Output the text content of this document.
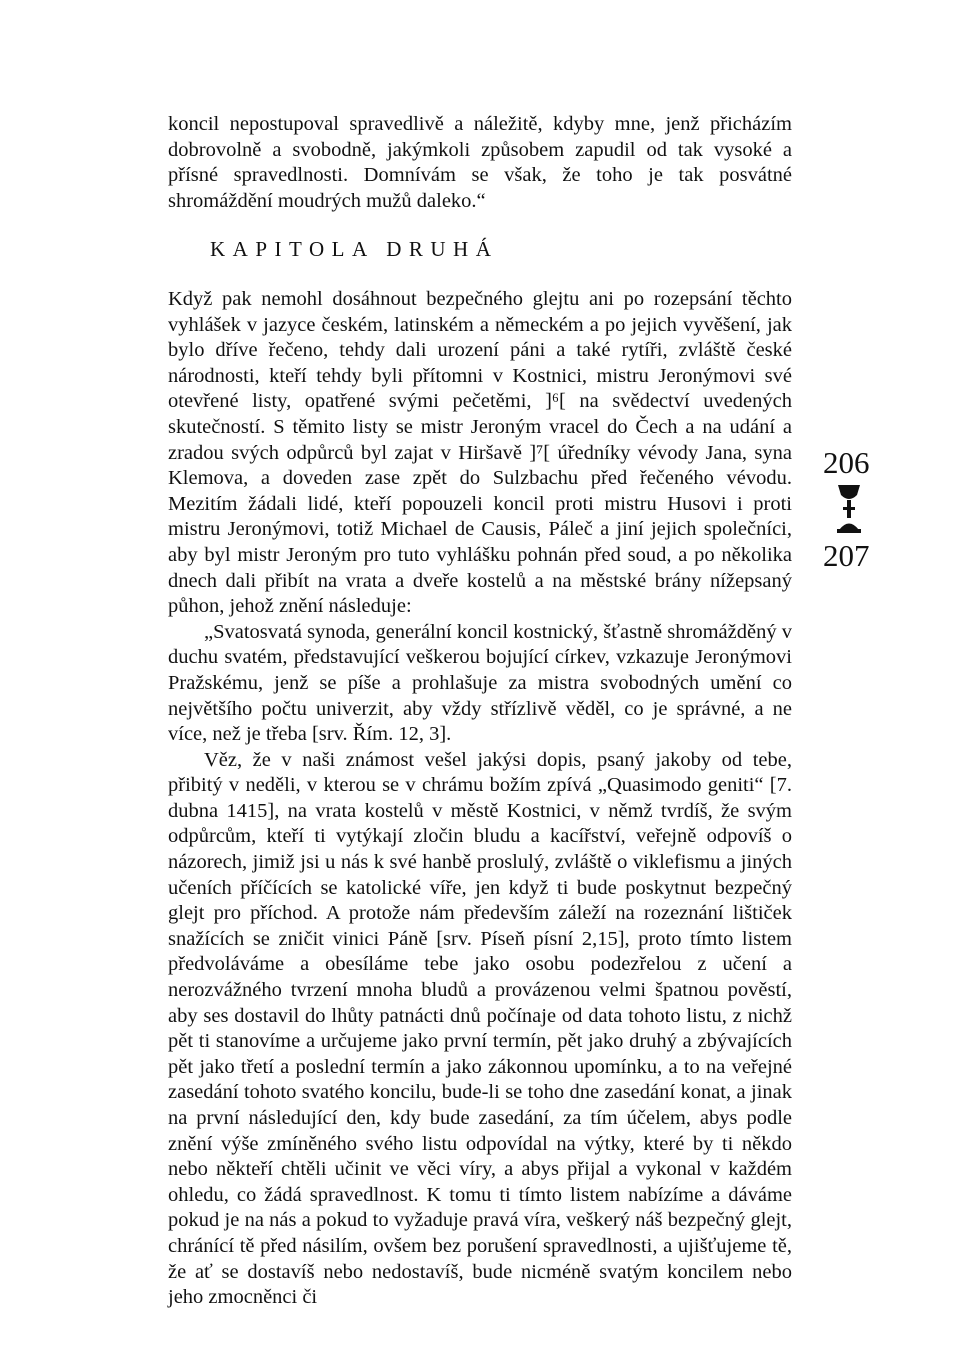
koncil nepostupoval spravedlivě a náležitě, kdyby mne, jenž přicházím dobrovolně a svobodně, jakýmkoli způsobem zapudil od tak vysoké a přísné spravedlnosti. Domnívám se však, že toho je tak posvátné shromáždění moudrých mužů daleko.“

KAPITOLA DRUHÁ

Když pak nemohl dosáhnout bezpečného glejtu ani po rozepsání těchto vyhlášek v jazyce českém, latinském a německém a po jejich vyvěšení, jak bylo dříve řečeno, tehdy dali urození páni a také rytíři, zvláště české národnosti, kteří tehdy byli přítomni v Kostnici, mistru Jeronýmovi své otevřené listy, opatřené svými pečetěmi, ]⁶[ na svědectví uvedených skutečností. S těmito listy se mistr Jeroným vracel do Čech a na udání a zradou svých odpůrců byl zajat v Hiršavě ]⁷[ úředníky vévody Jana, syna Klemova, a doveden zase zpět do Sulzbachu před řečeného vévodu. Mezitím žádali lidé, kteří popouzeli koncil proti mistru Husovi i proti mistru Jeronýmovi, totiž Michael de Causis, Páleč a jiní jejich společníci, aby byl mistr Jeroným pro tuto vyhlášku pohnán před soud, a po několika dnech dali přibít na vrata a dveře kostelů a na městské brány nížepsaný půhon, jehož znění následuje:

„Svatosvatá synoda, generální koncil kostnický, šťastně shromážděný v duchu svatém, představující veškerou bojující církev, vzkazuje Jeronýmovi Pražskému, jenž se píše a prohlašuje za mistra svobodných umění co největšího počtu univerzit, aby vždy střízlivě věděl, co je správné, a ne více, než je třeba [srv. Řím. 12, 3].

Věz, že v naši známost vešel jakýsi dopis, psaný jakoby od tebe, přibitý v neděli, v kterou se v chrámu božím zpívá „Quasimodo geniti“ [7. dubna 1415], na vrata kostelů v městě Kostnici, v němž tvrdíš, že svým odpůrcům, kteří ti vytýkají zločin bludu a kacířství, veřejně odpovíš o názorech, jimiž jsi u nás k své hanbě proslulý, zvláště o viklefismu a jiných učeních příčících se katolické víře, jen když ti bude poskytnut bezpečný glejt pro příchod. A protože nám především záleží na rozeznání lištiček snažících se zničit vinici Páně [srv. Píseň písní 2,15], proto tímto listem předvoláváme a obesíláme tebe jako osobu podezřelou z učení a nerozvážného tvrzení mnoha bludů a provázenou velmi špatnou pověstí, aby ses dostavil do lhůty patnácti dnů počínaje od data tohoto listu, z nichž pět ti stanovíme a určujeme jako první termín, pět jako druhý a zbývajících pět jako třetí a poslední termín a jako zákonnou upomínku, a to na veřejné zasedání tohoto svatého koncilu, bude-li se toho dne zasedání konat, a jinak na první následující den, kdy bude zasedání, za tím účelem, abys podle znění výše zmíněného svého listu odpovídal na výtky, které by ti někdo nebo někteří chtěli učinit ve věci víry, a abys přijal a vykonal v každém ohledu, co žádá spravedlnost. K tomu ti tímto listem nabízíme a dáváme pokud je na nás a pokud to vyžaduje pravá víra, veškerý náš bezpečný glejt, chránící tě před násilím, ovšem bez porušení spravedlnosti, a ujišťujeme tě, že ať se dostavíš nebo nedostavíš, bude nicméně svatým koncilem nebo jeho zmocněnci či

206
207
